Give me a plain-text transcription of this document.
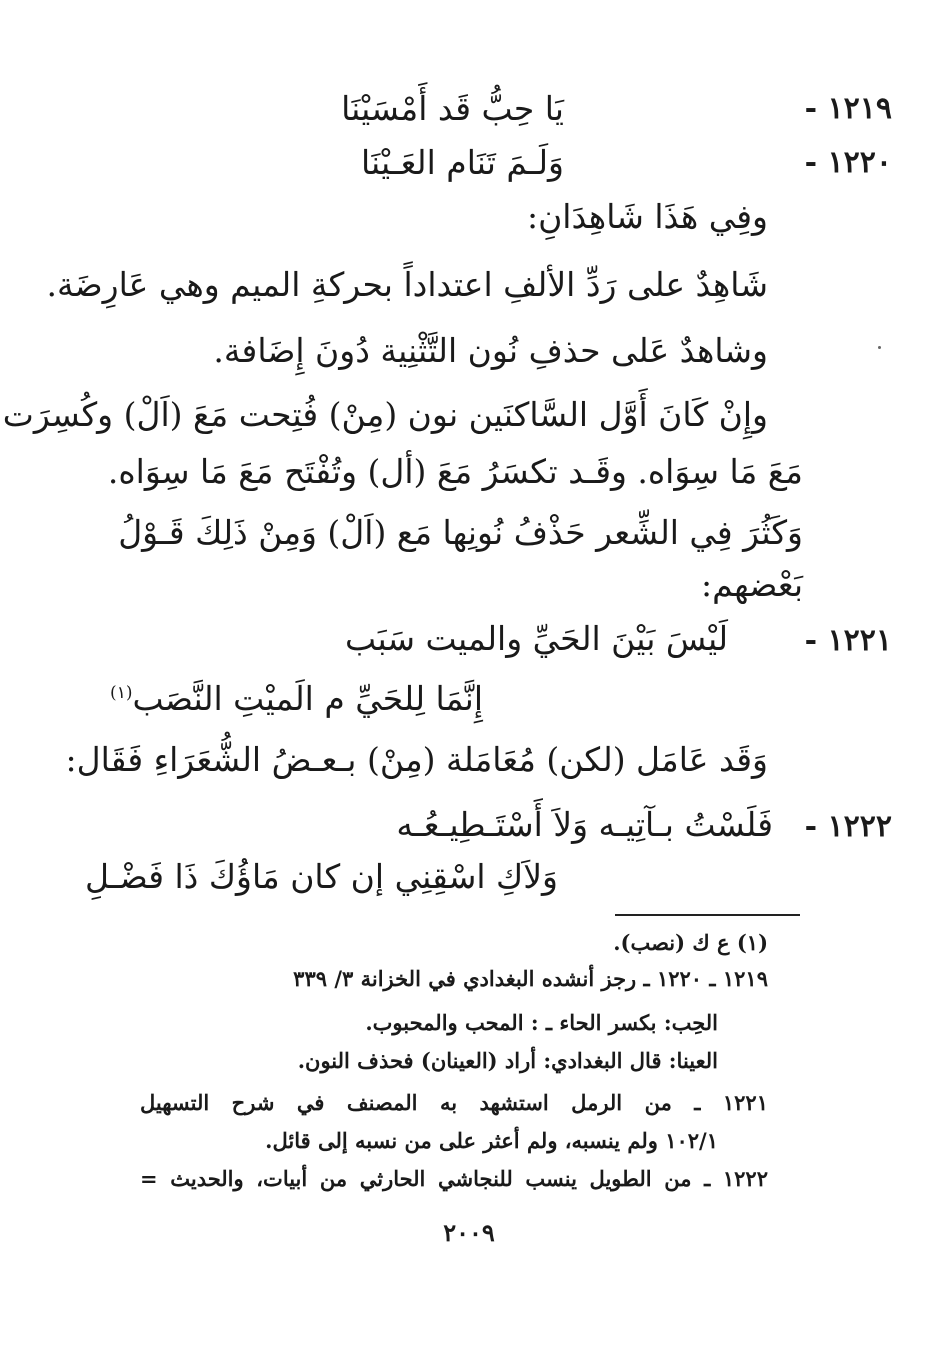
١٢١٩ -
يَا حِبُّ قَد أَمْسَيْنَا
١٢٢٠ -
وَلَـمَ تَنَام العَـيْنَا
وفِي هَذَا شَاهِدَانِ:
شَاهِدٌ على رَدِّ الألفِ اعتداداً بحركةِ الميم وهي عَارِضَة.
وشاهدٌ عَلى حذفِ نُون التَّثْنِية دُونَ إِضَافة.
وإِنْ كَانَ أَوَّل السَّاكنَين نون (مِنْ) فُتِحت مَعَ (اَلْ) وكُسِرَت
مَعَ مَا سِوَاه. وقَـد تكسَرُ مَعَ (أل) وتُفْتَح مَعَ مَا سِوَاه.
وَكَثُرَ فِي الشِّعر حَذْفُ نُونِها مَع (اَلْ) وَمِنْ ذَلِكَ قَـوْلُ
بَعْضهم:
١٢٢١ -
لَيْسَ بَيْنَ الحَيِّ والميت سَبَب
إِنَّمَا لِلحَيِّ م الَميْتِ النَّصَب$^{(١)}$
وَقَد عَامَل (لكن) مُعَامَلة (مِنْ) بـعـضُ الشُّعَرَاءِ فَقَال:
١٢٢٢ -
فَلَسْتُ بـآتِيـه وَلاَ أَسْتَـطِيـعُـه
وَلاَكِ اسْقِنِي إن كان مَاؤُكَ ذَا فَضْـلِ
(١) ع ك (نصب).
١٢١٩ ـ ١٢٢٠ ـ رجز أنشده البغدادي في الخزانة ٣/ ٣٣٩
الحِب: بكسر الحاء ـ : المحب والمحبوب.
العينا: قال البغدادي: أراد (العينان) فحذف النون.
١٢٢١ ـ من الرمل استشهد به المصنف في شرح التسهيل
١٠٢/١ ولم ينسبه، ولم أعثر على من نسبه إلى قائل.
١٢٢٢ ـ من الطويل ينسب للنجاشي الحارثي من أبيات، والحديث =
٢٠٠٩
